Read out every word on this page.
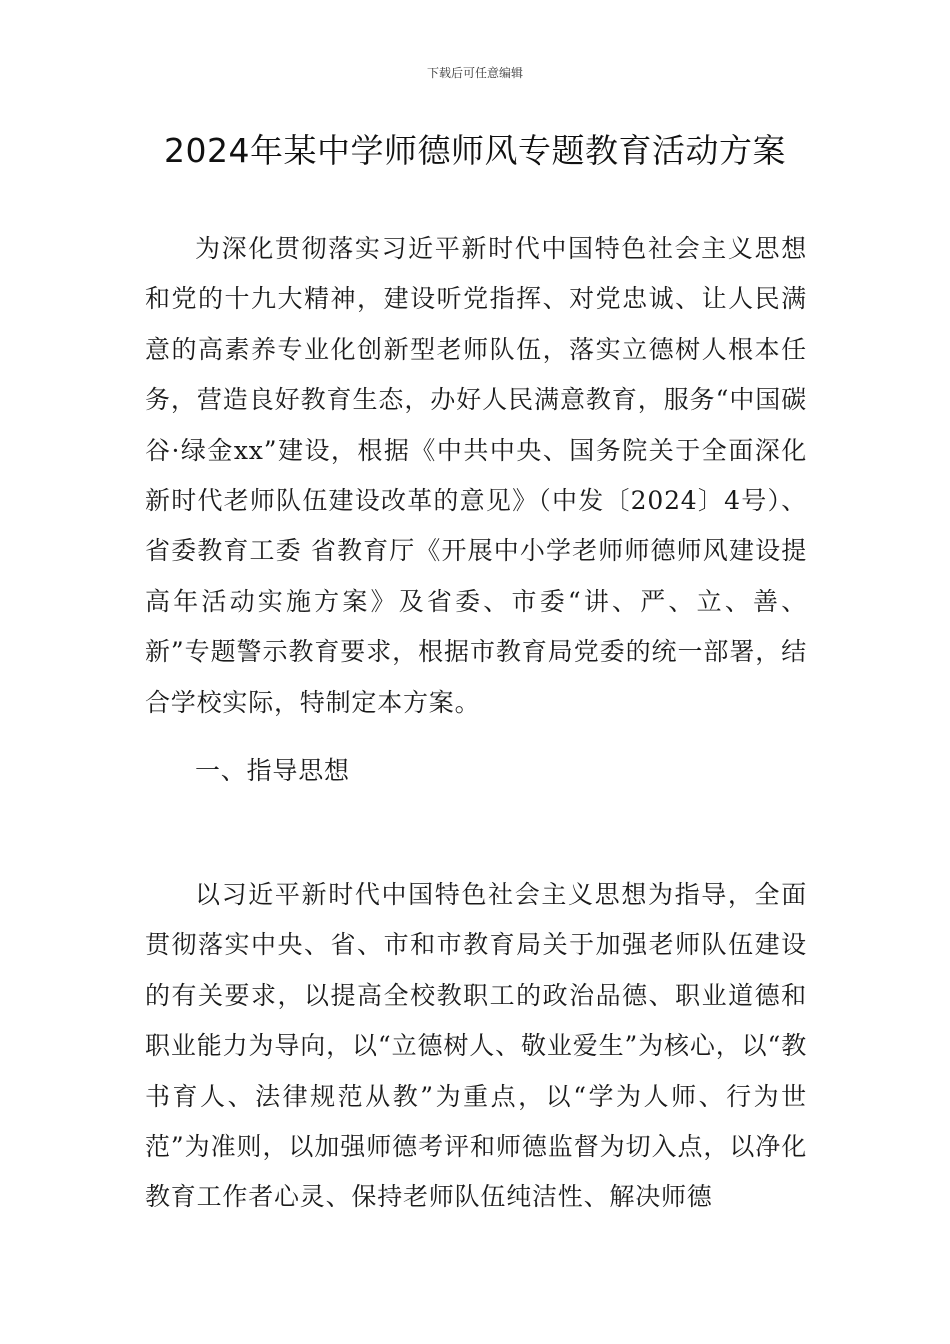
下载后可任意编辑
2024年某中学师德师风专题教育活动方案

为深化贯彻落实习近平新时代中国特色社会主义思想和党的十九大精神，建设听党指挥、对党忠诚、让人民满意的高素养专业化创新型老师队伍，落实立德树人根本任务，营造良好教育生态，办好人民满意教育，服务“中国碳谷·绿金xx”建设，根据《中共中央、国务院关于全面深化新时代老师队伍建设改革的意见》（中发〔2024〕4号）、省委教育工委 省教育厅《开展中小学老师师德师风建设提高年活动实施方案》及省委、市委“讲、严、立、善、新”专题警示教育要求，根据市教育局党委的统一部署，结合学校实际，特制定本方案。

一、指导思想

以习近平新时代中国特色社会主义思想为指导，全面贯彻落实中央、省、市和市教育局关于加强老师队伍建设的有关要求，以提高全校教职工的政治品德、职业道德和职业能力为导向，以“立德树人、敬业爱生”为核心，以“教书育人、法律规范从教”为重点，以“学为人师、行为世范”为准则，以加强师德考评和师德监督为切入点，以净化教育工作者心灵、保持老师队伍纯洁性、解决师德
